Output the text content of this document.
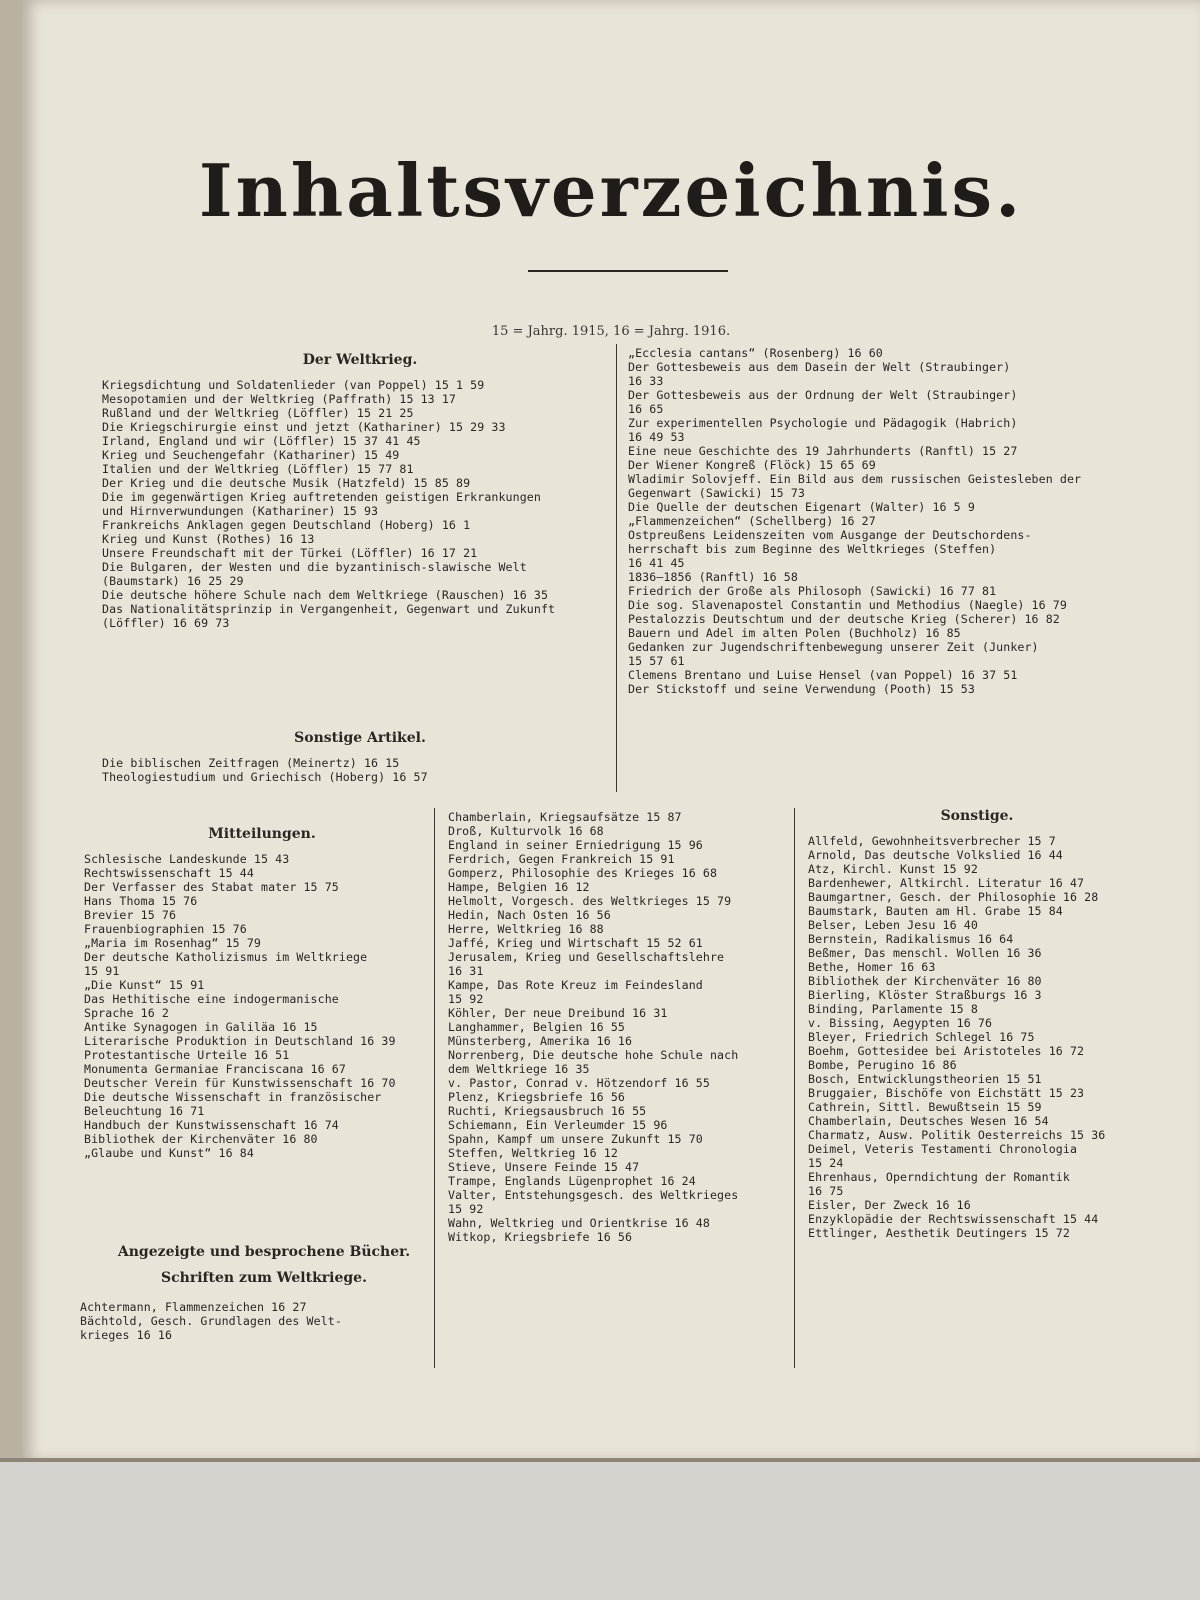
Inhaltsverzeichnis.
15 = Jahrg. 1915, 16 = Jahrg. 1916.
Der Weltkrieg.
Kriegsdichtung und Soldatenlieder (van Poppel) 15 1 59
Mesopotamien und der Weltkrieg (Paffrath) 15 13 17
Rußland und der Weltkrieg (Löffler) 15 21 25
Die Kriegschirurgie einst und jetzt (Kathariner) 15 29 33
Irland, England und wir (Löffler) 15 37 41 45
Krieg und Seuchengefahr (Kathariner) 15 49
Italien und der Weltkrieg (Löffler) 15 77 81
Der Krieg und die deutsche Musik (Hatzfeld) 15 85 89
Die im gegenwärtigen Krieg auftretenden geistigen Erkrankungen
und Hirnverwundungen (Kathariner) 15 93
Frankreichs Anklagen gegen Deutschland (Hoberg) 16 1
Krieg und Kunst (Rothes) 16 13
Unsere Freundschaft mit der Türkei (Löffler) 16 17 21
Die Bulgaren, der Westen und die byzantinisch-slawische Welt
(Baumstark) 16 25 29
Die deutsche höhere Schule nach dem Weltkriege (Rauschen) 16 35
Das Nationalitätsprinzip in Vergangenheit, Gegenwart und Zukunft
(Löffler) 16 69 73
Sonstige Artikel.
Die biblischen Zeitfragen (Meinertz) 16 15
Theologiestudium und Griechisch (Hoberg) 16 57
„Ecclesia cantans“ (Rosenberg) 16 60
Der Gottesbeweis aus dem Dasein der Welt (Straubinger)
16 33
Der Gottesbeweis aus der Ordnung der Welt (Straubinger)
16 65
Zur experimentellen Psychologie und Pädagogik (Habrich)
16 49 53
Eine neue Geschichte des 19 Jahrhunderts (Ranftl) 15 27
Der Wiener Kongreß (Flöck) 15 65 69
Wladimir Solovjeff. Ein Bild aus dem russischen Geistesleben der
Gegenwart (Sawicki) 15 73
Die Quelle der deutschen Eigenart (Walter) 16 5 9
„Flammenzeichen“ (Schellberg) 16 27
Ostpreußens Leidenszeiten vom Ausgange der Deutschordens-
herrschaft bis zum Beginne des Weltkrieges (Steffen)
16 41 45
1836—1856 (Ranftl) 16 58
Friedrich der Große als Philosoph (Sawicki) 16 77 81
Die sog. Slavenapostel Constantin und Methodius (Naegle) 16 79
Pestalozzis Deutschtum und der deutsche Krieg (Scherer) 16 82
Bauern und Adel im alten Polen (Buchholz) 16 85
Gedanken zur Jugendschriftenbewegung unserer Zeit (Junker)
15 57 61
Clemens Brentano und Luise Hensel (van Poppel) 16 37 51
Der Stickstoff und seine Verwendung (Pooth) 15 53
Mitteilungen.
Schlesische Landeskunde 15 43
Rechtswissenschaft 15 44
Der Verfasser des Stabat mater 15 75
Hans Thoma 15 76
Brevier 15 76
Frauenbiographien 15 76
„Maria im Rosenhag“ 15 79
Der deutsche Katholizismus im Weltkriege
15 91
„Die Kunst“ 15 91
Das Hethitische eine indogermanische
Sprache 16 2
Antike Synagogen in Galiläa 16 15
Literarische Produktion in Deutschland 16 39
Protestantische Urteile 16 51
Monumenta Germaniae Franciscana 16 67
Deutscher Verein für Kunstwissenschaft 16 70
Die deutsche Wissenschaft in französischer
Beleuchtung 16 71
Handbuch der Kunstwissenschaft 16 74
Bibliothek der Kirchenväter 16 80
„Glaube und Kunst“ 16 84
Angezeigte und besprochene Bücher.
Schriften zum Weltkriege.
Achtermann, Flammenzeichen 16 27
Bächtold, Gesch. Grundlagen des Welt-
krieges 16 16
Chamberlain, Kriegsaufsätze 15 87
Droß, Kulturvolk 16 68
England in seiner Erniedrigung 15 96
Ferdrich, Gegen Frankreich 15 91
Gomperz, Philosophie des Krieges 16 68
Hampe, Belgien 16 12
Helmolt, Vorgesch. des Weltkrieges 15 79
Hedin, Nach Osten 16 56
Herre, Weltkrieg 16 88
Jaffé, Krieg und Wirtschaft 15 52 61
Jerusalem, Krieg und Gesellschaftslehre
16 31
Kampe, Das Rote Kreuz im Feindesland
15 92
Köhler, Der neue Dreibund 16 31
Langhammer, Belgien 16 55
Münsterberg, Amerika 16 16
Norrenberg, Die deutsche hohe Schule nach
dem Weltkriege 16 35
v. Pastor, Conrad v. Hötzendorf 16 55
Plenz, Kriegsbriefe 16 56
Ruchti, Kriegsausbruch 16 55
Schiemann, Ein Verleumder 15 96
Spahn, Kampf um unsere Zukunft 15 70
Steffen, Weltkrieg 16 12
Stieve, Unsere Feinde 15 47
Trampe, Englands Lügenprophet 16 24
Valter, Entstehungsgesch. des Weltkrieges
15 92
Wahn, Weltkrieg und Orientkrise 16 48
Witkop, Kriegsbriefe 16 56
Sonstige.
Allfeld, Gewohnheitsverbrecher 15 7
Arnold, Das deutsche Volkslied 16 44
Atz, Kirchl. Kunst 15 92
Bardenhewer, Altkirchl. Literatur 16 47
Baumgartner, Gesch. der Philosophie 16 28
Baumstark, Bauten am Hl. Grabe 15 84
Belser, Leben Jesu 16 40
Bernstein, Radikalismus 16 64
Beßmer, Das menschl. Wollen 16 36
Bethe, Homer 16 63
Bibliothek der Kirchenväter 16 80
Bierling, Klöster Straßburgs 16 3
Binding, Parlamente 15 8
v. Bissing, Aegypten 16 76
Bleyer, Friedrich Schlegel 16 75
Boehm, Gottesidee bei Aristoteles 16 72
Bombe, Perugino 16 86
Bosch, Entwicklungstheorien 15 51
Bruggaier, Bischöfe von Eichstätt 15 23
Cathrein, Sittl. Bewußtsein 15 59
Chamberlain, Deutsches Wesen 16 54
Charmatz, Ausw. Politik Oesterreichs 15 36
Deimel, Veteris Testamenti Chronologia
15 24
Ehrenhaus, Operndichtung der Romantik
16 75
Eisler, Der Zweck 16 16
Enzyklopädie der Rechtswissenschaft 15 44
Ettlinger, Aesthetik Deutingers 15 72
